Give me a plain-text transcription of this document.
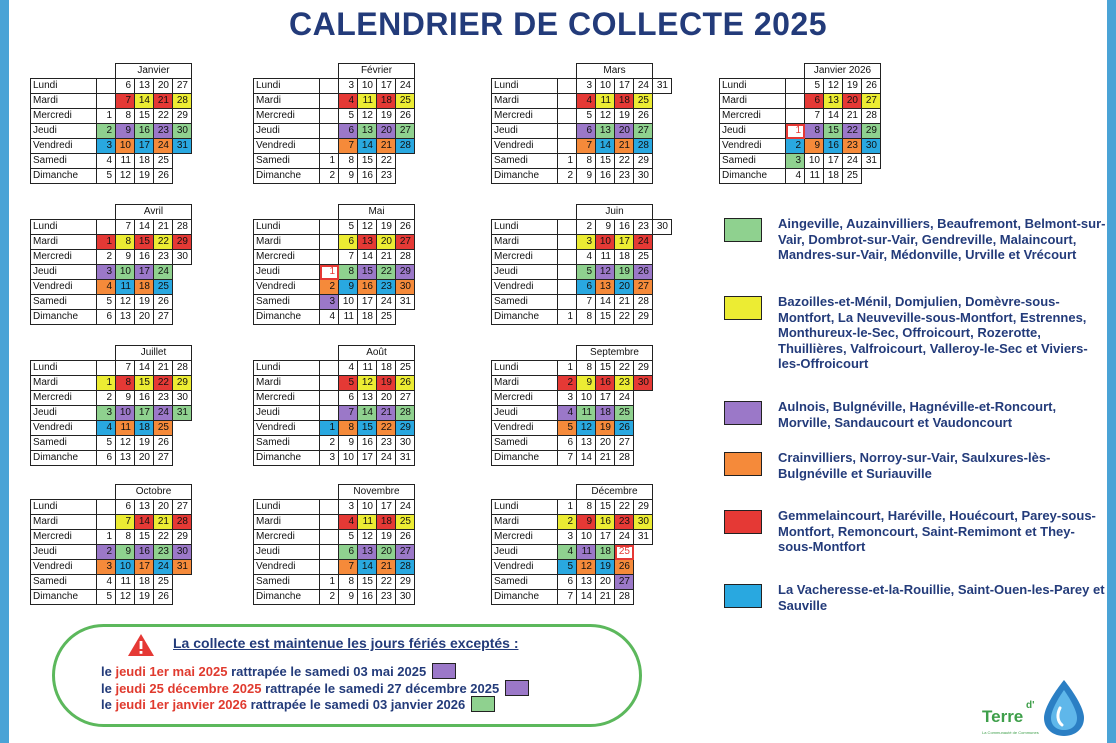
CALENDRIER DE COLLECTE 2025
		Janvier			
Lundi		6	13	20	27
Mardi		7	14	21	28
Mercredi	1	8	15	22	29
Jeudi	2	9	16	23	30
Vendredi	3	10	17	24	31
Samedi	4	11	18	25	
Dimanche	5	12	19	26	
		Février			
Lundi		3	10	17	24
Mardi		4	11	18	25
Mercredi		5	12	19	26
Jeudi		6	13	20	27
Vendredi		7	14	21	28
Samedi	1	8	15	22	
Dimanche	2	9	16	23	
		Mars				
Lundi		3	10	17	24	31
Mardi		4	11	18	25	
Mercredi		5	12	19	26	
Jeudi		6	13	20	27	
Vendredi		7	14	21	28	
Samedi	1	8	15	22	29	
Dimanche	2	9	16	23	30	
		Janvier 2026			
Lundi		5	12	19	26
Mardi		6	13	20	27
Mercredi		7	14	21	28
Jeudi	1	8	15	22	29
Vendredi	2	9	16	23	30
Samedi	3	10	17	24	31
Dimanche	4	11	18	25	
		Avril			
Lundi		7	14	21	28
Mardi	1	8	15	22	29
Mercredi	2	9	16	23	30
Jeudi	3	10	17	24	
Vendredi	4	11	18	25	
Samedi	5	12	19	26	
Dimanche	6	13	20	27	
		Mai			
Lundi		5	12	19	26
Mardi		6	13	20	27
Mercredi		7	14	21	28
Jeudi	1	8	15	22	29
Vendredi	2	9	16	23	30
Samedi	3	10	17	24	31
Dimanche	4	11	18	25	
		Juin				
Lundi		2	9	16	23	30
Mardi		3	10	17	24	
Mercredi		4	11	18	25	
Jeudi		5	12	19	26	
Vendredi		6	13	20	27	
Samedi		7	14	21	28	
Dimanche	1	8	15	22	29	
		Juillet			
Lundi		7	14	21	28
Mardi	1	8	15	22	29
Mercredi	2	9	16	23	30
Jeudi	3	10	17	24	31
Vendredi	4	11	18	25	
Samedi	5	12	19	26	
Dimanche	6	13	20	27	
		Août			
Lundi		4	11	18	25
Mardi		5	12	19	26
Mercredi		6	13	20	27
Jeudi		7	14	21	28
Vendredi	1	8	15	22	29
Samedi	2	9	16	23	30
Dimanche	3	10	17	24	31
		Septembre			
Lundi	1	8	15	22	29
Mardi	2	9	16	23	30
Mercredi	3	10	17	24	
Jeudi	4	11	18	25	
Vendredi	5	12	19	26	
Samedi	6	13	20	27	
Dimanche	7	14	21	28	
		Octobre			
Lundi		6	13	20	27
Mardi		7	14	21	28
Mercredi	1	8	15	22	29
Jeudi	2	9	16	23	30
Vendredi	3	10	17	24	31
Samedi	4	11	18	25	
Dimanche	5	12	19	26	
		Novembre			
Lundi		3	10	17	24
Mardi		4	11	18	25
Mercredi		5	12	19	26
Jeudi		6	13	20	27
Vendredi		7	14	21	28
Samedi	1	8	15	22	29
Dimanche	2	9	16	23	30
		Décembre			
Lundi	1	8	15	22	29
Mardi	2	9	16	23	30
Mercredi	3	10	17	24	31
Jeudi	4	11	18	25	
Vendredi	5	12	19	26	
Samedi	6	13	20	27	
Dimanche	7	14	21	28	
Aingeville, Auzainvilliers, Beaufremont, Belmont-sur-Vair, Dombrot-sur-Vair, Gendreville, Malaincourt, Mandres-sur-Vair, Médonville, Urville et Vrécourt
Bazoilles-et-Ménil, Domjulien, Domèvre-sous-Montfort, La Neuveville-sous-Montfort, Estrennes, Monthureux-le-Sec, Offroicourt, Rozerotte, Thuillières, Valfroicourt, Valleroy-le-Sec et Viviers-les-Offroicourt
Aulnois, Bulgnéville, Hagnéville-et-Roncourt, Morville, Sandaucourt et Vaudoncourt
Crainvilliers, Norroy-sur-Vair, Saulxures-lès-Bulgnéville et Suriauville
Gemmelaincourt, Haréville, Houécourt, Parey-sous-Montfort, Remoncourt, Saint-Remimont et They-sous-Montfort
La Vacheresse-et-la-Rouillie, Saint-Ouen-les-Parey et Sauville
La collecte est maintenue les jours fériés exceptés :
le jeudi 1er mai 2025 rattrapée le samedi 03 mai 2025
le jeudi 25 décembre 2025 rattrapée le samedi 27 décembre 2025
le jeudi 1er janvier 2026 rattrapée le samedi 03 janvier 2026
Terre
d'
La Communauté de Communes
